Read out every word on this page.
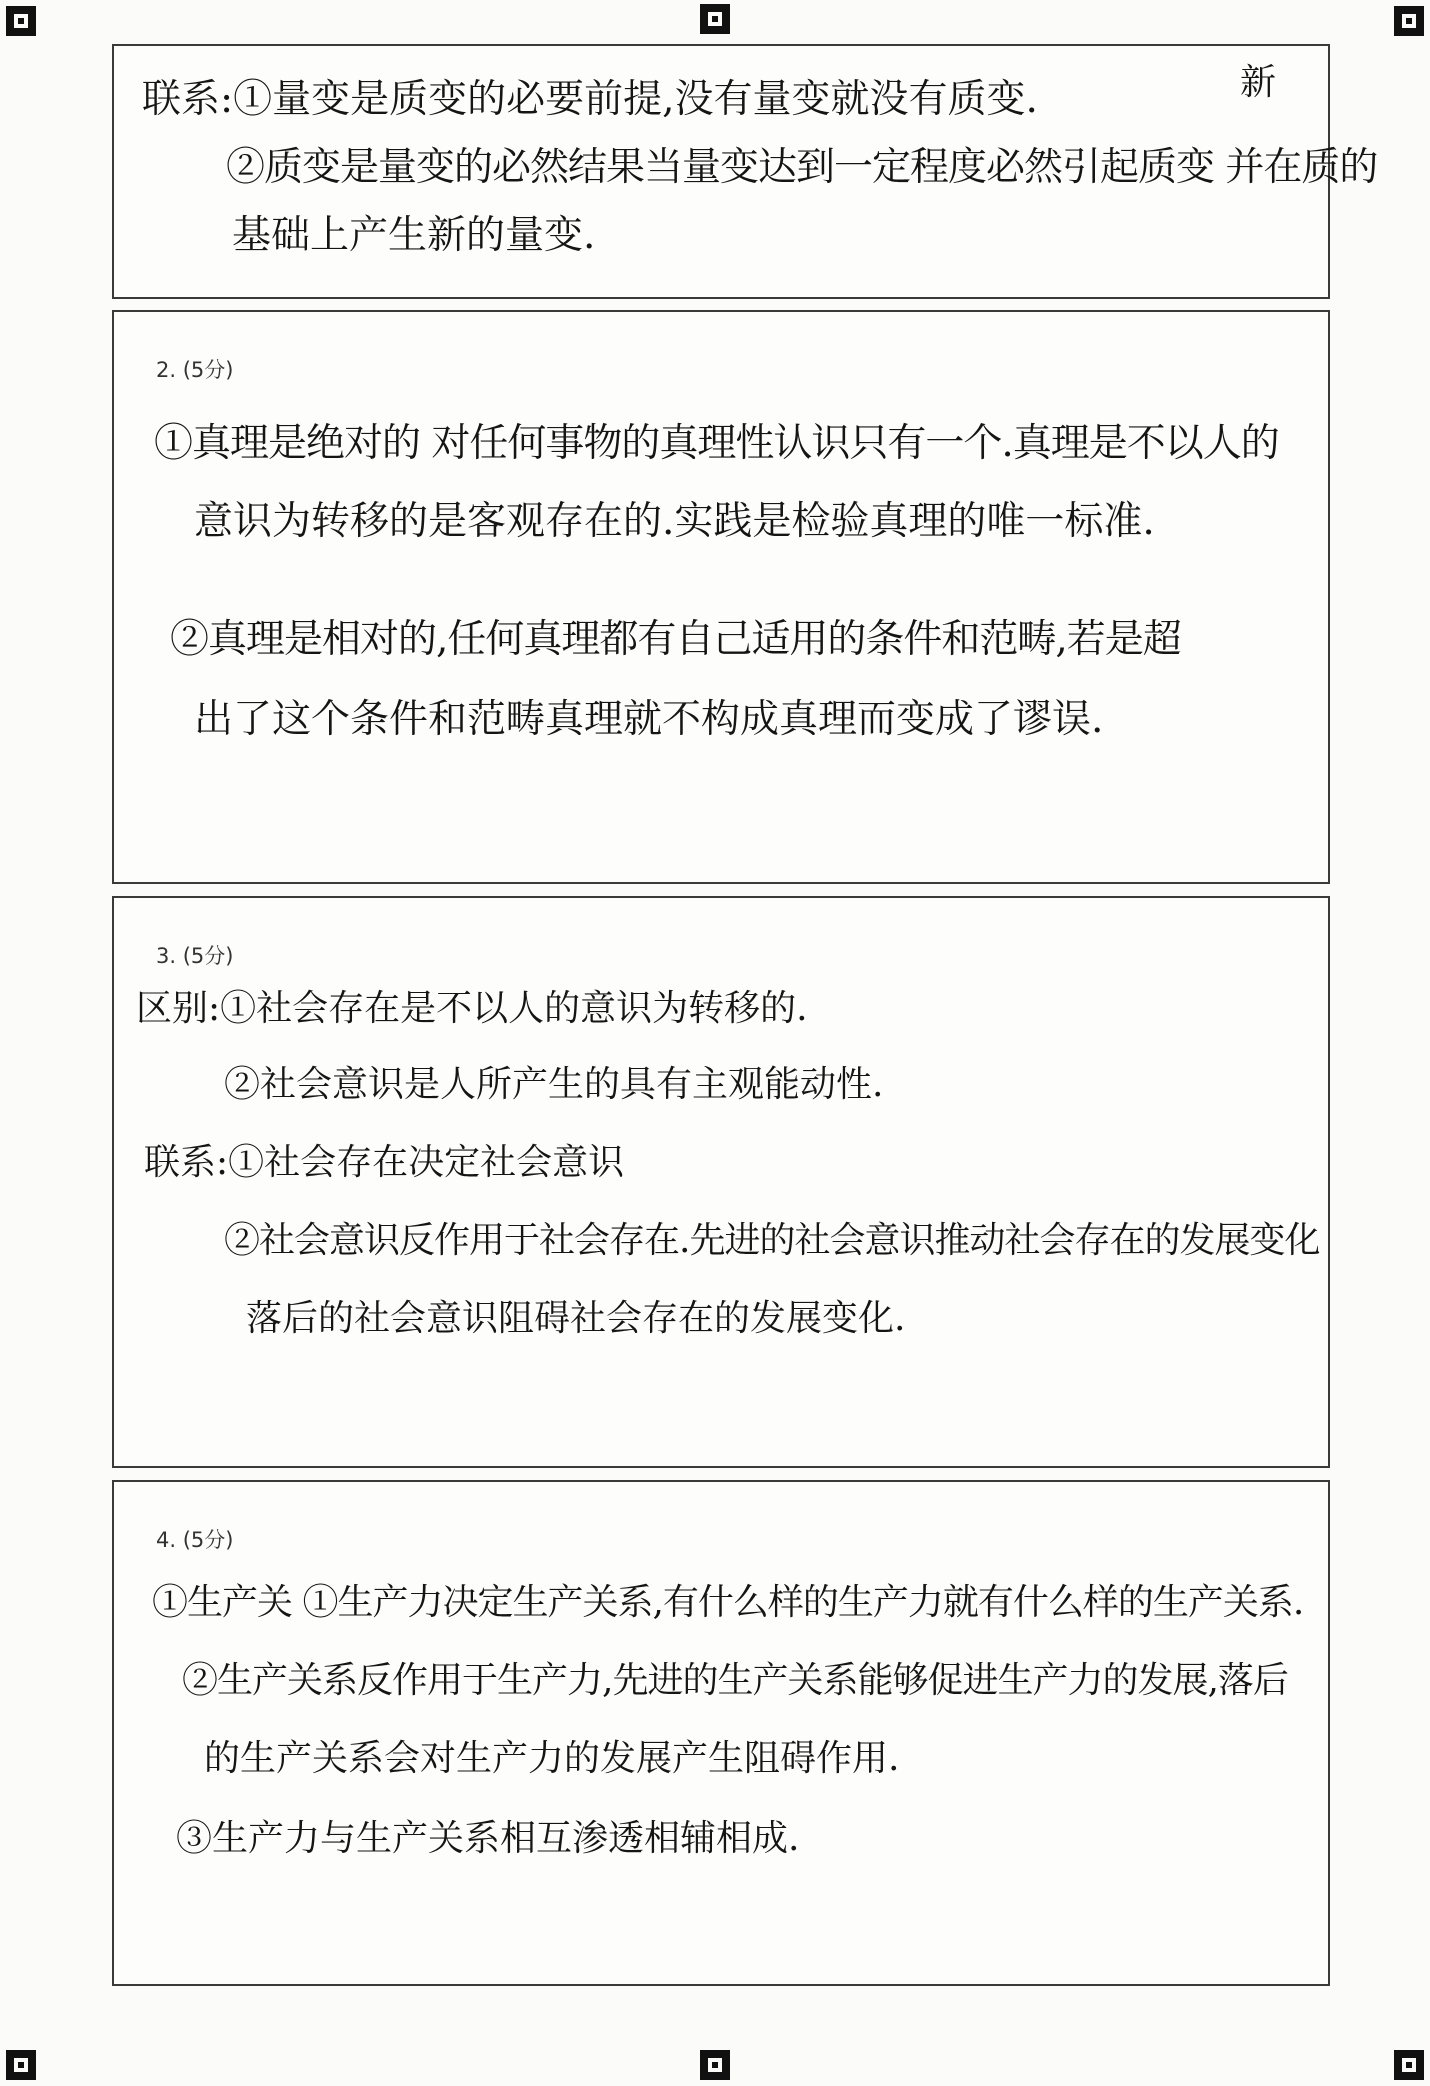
联系:①量变是质变的必要前提,没有量变就没有质变.	新
②质变是量变的必然结果当量变达到一定程度必然引起质变 并在质的
基础上产生新的量变.
2. (5分)
①真理是绝对的 对任何事物的真理性认识只有一个.真理是不以人的
意识为转移的是客观存在的.实践是检验真理的唯一标准.
②真理是相对的,任何真理都有自己适用的条件和范畴,若是超
出了这个条件和范畴真理就不构成真理而变成了谬误.
3. (5分)
区别:①社会存在是不以人的意识为转移的.
②社会意识是人所产生的具有主观能动性.
联系:①社会存在决定社会意识
②社会意识反作用于社会存在.先进的社会意识推动社会存在的发展变化
落后的社会意识阻碍社会存在的发展变化.
4. (5分)
①生产关 ①生产力决定生产关系,有什么样的生产力就有什么样的生产关系.
②生产关系反作用于生产力,先进的生产关系能够促进生产力的发展,落后
的生产关系会对生产力的发展产生阻碍作用.
③生产力与生产关系相互渗透相辅相成.
